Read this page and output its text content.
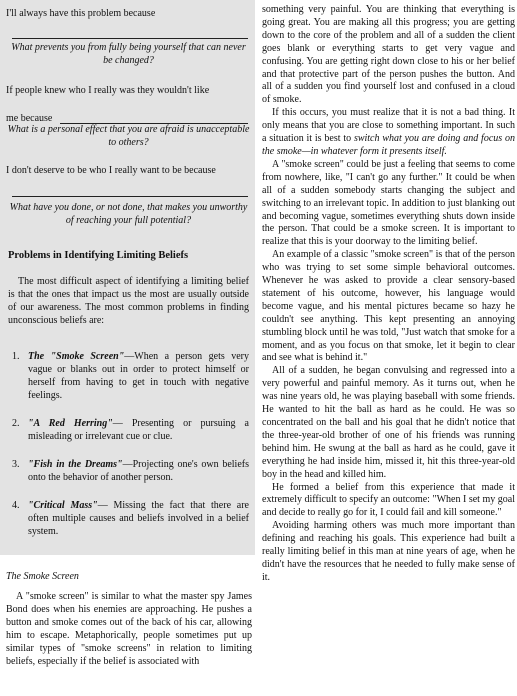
I'll always have this problem because
What prevents you from fully being yourself that can never be changed?
If people knew who I really was they wouldn't like
me because
What is a personal effect that you are afraid is unacceptable to others?
I don't deserve to be who I really want to be because
What have you done, or not done, that makes you unworthy of reaching your full potential?
Problems in Identifying Limiting Beliefs
The most difficult aspect of identifying a limiting belief is that the ones that impact us the most are usually outside of our awareness. The most common problems in finding unconscious beliefs are:
1. The "Smoke Screen"—When a person gets very vague or blanks out in order to protect himself or herself from having to get in touch with negative feelings.
2. "A Red Herring"— Presenting or pursuing a misleading or irrelevant cue or clue.
3. "Fish in the Dreams"—Projecting one's own beliefs onto the behavior of another person.
4. "Critical Mass"— Missing the fact that there are often multiple causes and beliefs involved in a belief system.
The Smoke Screen
A "smoke screen" is similar to what the master spy James Bond does when his enemies are approaching. He pushes a button and smoke comes out of the back of his car, allowing him to escape. Metaphorically, people sometimes put up similar types of "smoke screens" in relation to limiting beliefs, especially if the belief is associated with

something very painful. You are thinking that everything is going great. You are making all this progress; you are getting down to the core of the problem and all of a sudden the client goes blank or everything starts to get very vague and confusing. You are getting right down close to his or her belief and that protective part of the person pushes the button. And all of a sudden you find yourself lost and confused in a cloud of smoke.

If this occurs, you must realize that it is not a bad thing. It only means that you are close to something important. In such a situation it is best to switch what you are doing and focus on the smoke—in whatever form it presents itself.

A "smoke screen" could be just a feeling that seems to come from nowhere, like, "I can't go any further." It could be when all of a sudden somebody starts changing the subject and switching to an irrelevant topic. In addition to just blanking out and becoming vague, sometimes everything shuts down inside the person. That could be a smoke screen. It is important to realize that this is your doorway to the limiting belief.

An example of a classic "smoke screen" is that of the person who was trying to set some simple behavioral outcomes. Whenever he was asked to provide a clear sensory-based statement of his outcome, however, his language would become vague, and his mental pictures became so hazy he couldn't see anything. This kept presenting an annoying stumbling block until he was told, "Just watch that smoke for a moment, and as you focus on that smoke, let it begin to clear and see what is behind it."

All of a sudden, he began convulsing and regressed into a very powerful and painful memory. As it turns out, when he was nine years old, he was playing baseball with some friends. He wanted to hit the ball as hard as he could. He was so concentrated on the ball and his goal that he didn't notice that the three-year-old brother of one of his friends was running behind him. He swung at the ball as hard as he could, gave it everything he had inside him, missed it, hit this three-year-old boy in the head and killed him.

He formed a belief from this experience that made it extremely difficult to specify an outcome: "When I set my goal and decide to really go for it, I could fail and kill someone."

Avoiding harming others was much more important than defining and reaching his goals. This experience had built a really limiting belief in this man at nine years of age, when he didn't have the resources that he needed to fully make sense of it.
